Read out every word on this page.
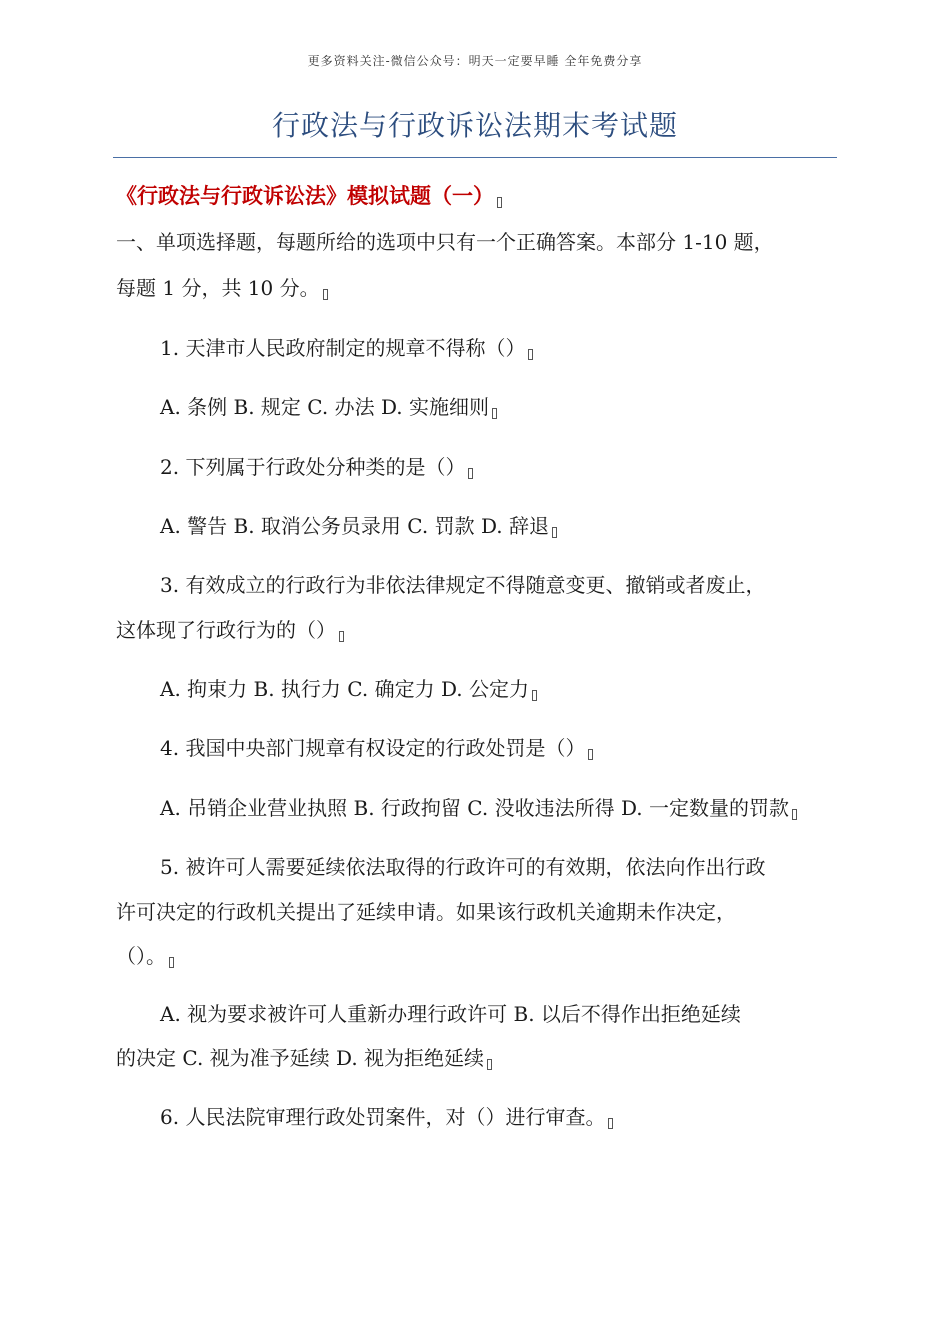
更多资料关注-微信公众号：明天一定要早睡 全年免费分享
行政法与行政诉讼法期末考试题
《行政法与行政诉讼法》模拟试题（一）
一、单项选择题，每题所给的选项中只有一个正确答案。本部分 1-10 题，
每题 1 分，共 10 分。
1. 天津市人民政府制定的规章不得称（）
A. 条例 B. 规定 C. 办法 D. 实施细则
2. 下列属于行政处分种类的是（）
A. 警告 B. 取消公务员录用 C. 罚款 D. 辞退
3. 有效成立的行政行为非依法律规定不得随意变更、撤销或者废止，
这体现了行政行为的（）
A. 拘束力 B. 执行力 C. 确定力 D. 公定力
4. 我国中央部门规章有权设定的行政处罚是（）
A. 吊销企业营业执照 B. 行政拘留 C. 没收违法所得 D. 一定数量的罚款
5. 被许可人需要延续依法取得的行政许可的有效期，依法向作出行政
许可决定的行政机关提出了延续申请。如果该行政机关逾期未作决定，
（）。
A. 视为要求被许可人重新办理行政许可 B. 以后不得作出拒绝延续
的决定 C. 视为准予延续 D. 视为拒绝延续
6. 人民法院审理行政处罚案件，对（）进行审查。
